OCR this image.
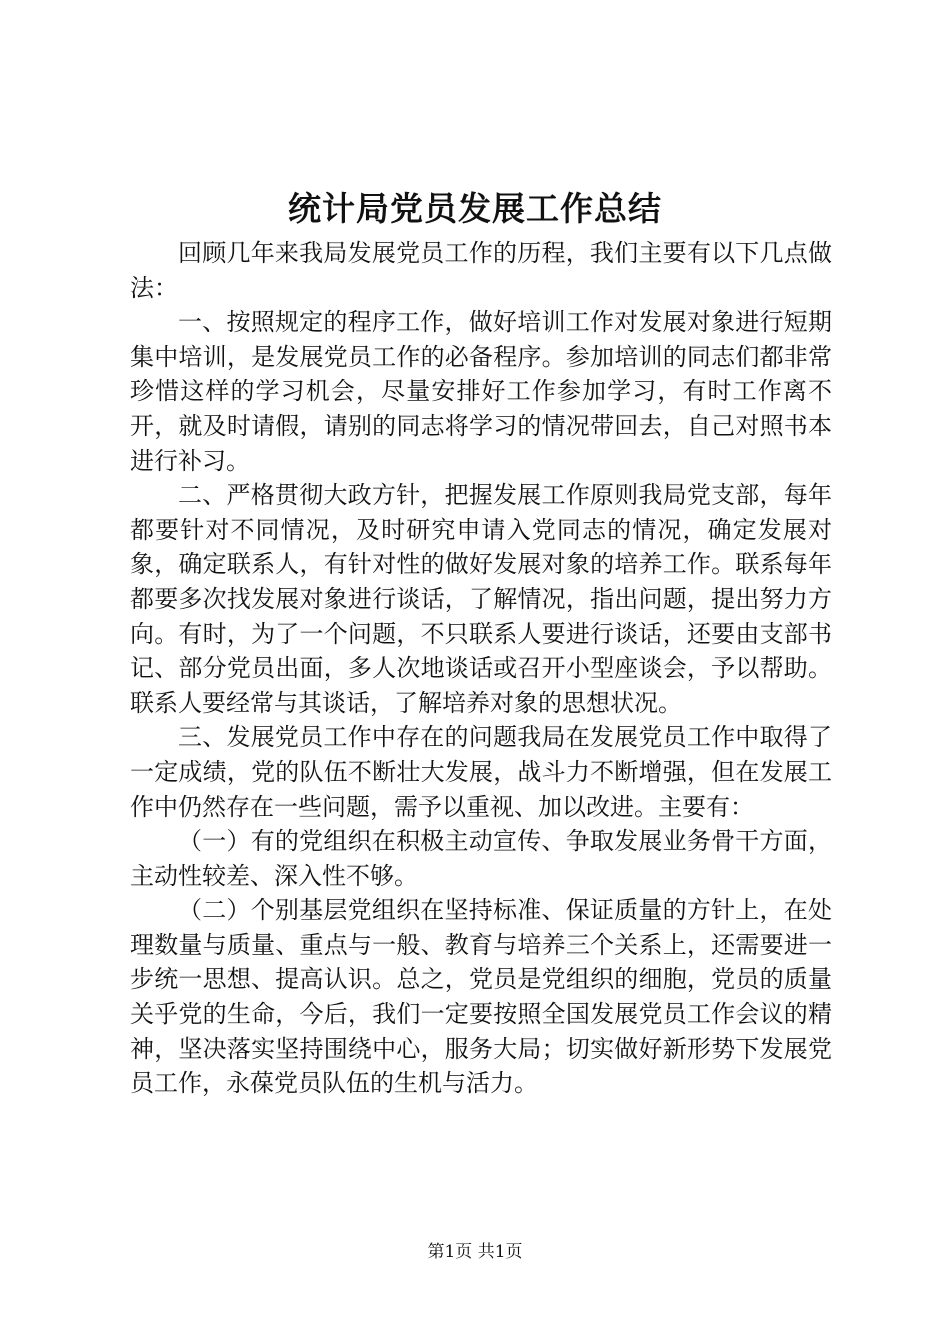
统计局党员发展工作总结

回顾几年来我局发展党员工作的历程，我们主要有以下几点做法：

一、按照规定的程序工作，做好培训工作对发展对象进行短期集中培训，是发展党员工作的必备程序。参加培训的同志们都非常珍惜这样的学习机会，尽量安排好工作参加学习，有时工作离不开，就及时请假，请别的同志将学习的情况带回去，自己对照书本进行补习。

二、严格贯彻大政方针，把握发展工作原则我局党支部，每年都要针对不同情况，及时研究申请入党同志的情况，确定发展对象，确定联系人，有针对性的做好发展对象的培养工作。联系每年都要多次找发展对象进行谈话，了解情况，指出问题，提出努力方向。有时，为了一个问题，不只联系人要进行谈话，还要由支部书记、部分党员出面，多人次地谈话或召开小型座谈会，予以帮助。联系人要经常与其谈话，了解培养对象的思想状况。

三、发展党员工作中存在的问题我局在发展党员工作中取得了一定成绩，党的队伍不断壮大发展，战斗力不断增强，但在发展工作中仍然存在一些问题，需予以重视、加以改进。主要有：

（一）有的党组织在积极主动宣传、争取发展业务骨干方面，主动性较差、深入性不够。

（二）个别基层党组织在坚持标准、保证质量的方针上，在处理数量与质量、重点与一般、教育与培养三个关系上，还需要进一步统一思想、提高认识。总之，党员是党组织的细胞，党员的质量关乎党的生命，今后，我们一定要按照全国发展党员工作会议的精神，坚决落实坚持围绕中心，服务大局；切实做好新形势下发展党员工作，永葆党员队伍的生机与活力。

第1页 共1页
